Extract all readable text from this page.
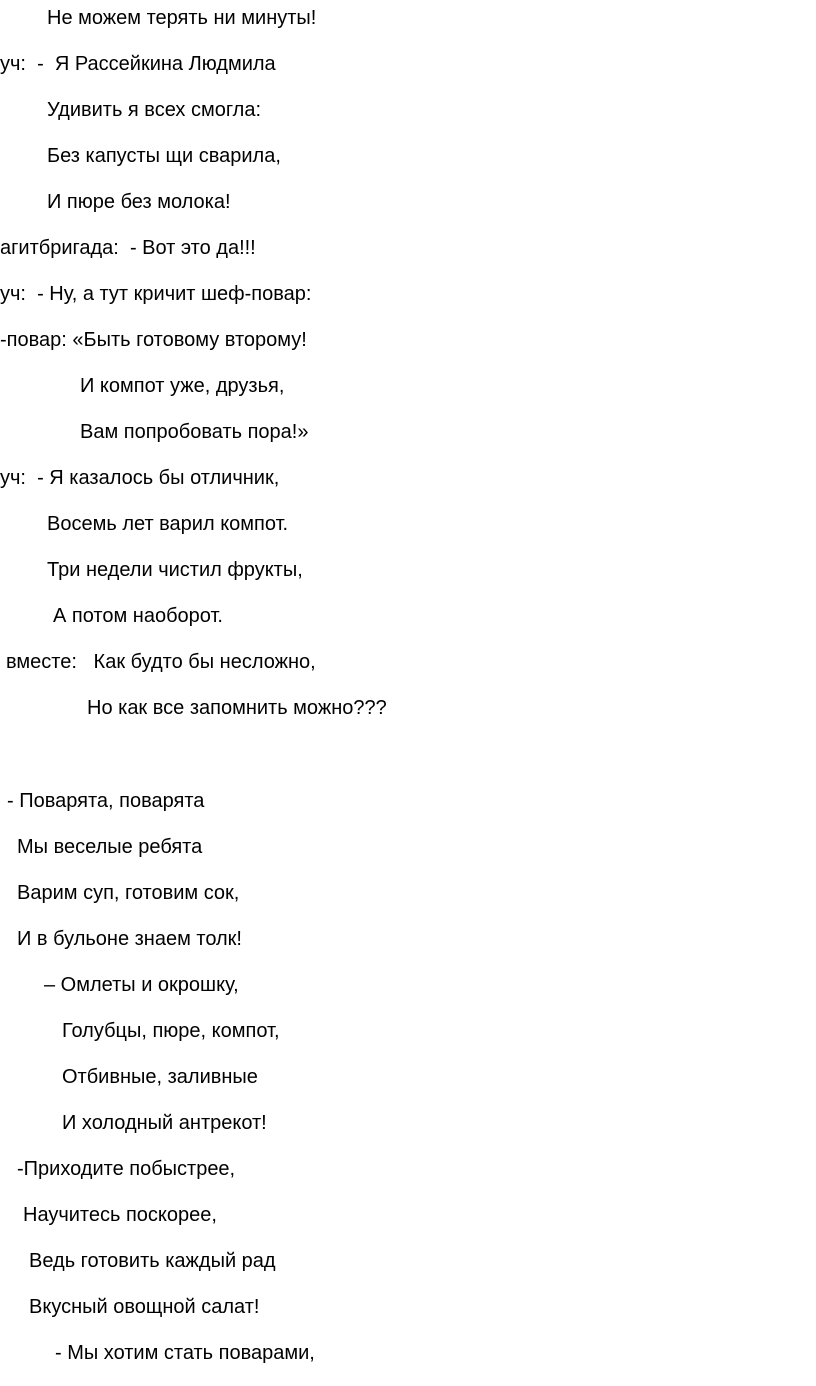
Не можем терять ни минуты!

уч:  -  Я Рассейкина Людмила

Удивить я всех смогла:

Без капусты щи сварила,

И пюре без молока!

агитбригада:  - Вот это да!!!

уч:  - Ну, а тут кричит шеф-повар:

-повар: «Быть готовому второму!

И компот уже, друзья,

Вам попробовать пора!»

уч:  - Я казалось бы отличник,

Восемь лет варил компот.

Три недели чистил фрукты,

А потом наоборот.

вместе:   Как будто бы несложно,

Но как все запомнить можно???

- Поварята, поварята

Мы веселые ребята

Варим суп, готовим сок,

И в бульоне знаем толк!

– Омлеты и окрошку,

Голубцы, пюре, компот,

Отбивные, заливные

И холодный антрекот!

-Приходите побыстрее,

Научитесь поскорее,

Ведь готовить каждый рад

Вкусный овощной салат!

- Мы хотим стать поварами,
